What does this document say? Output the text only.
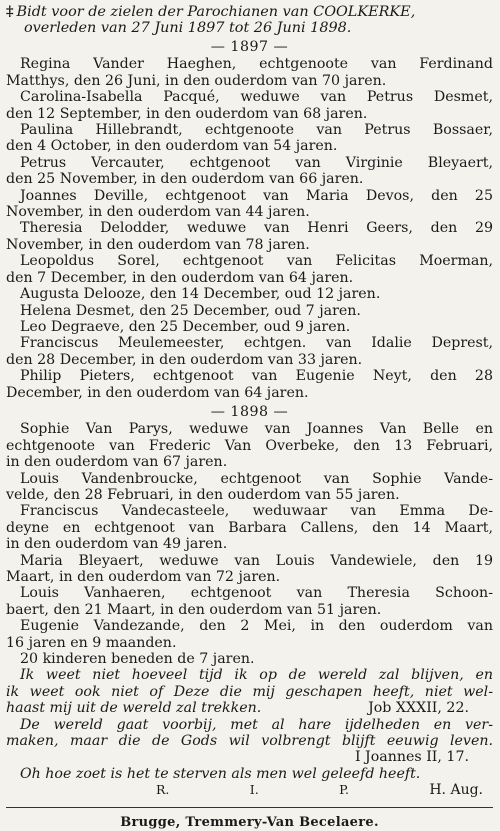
‡ Bidt voor de zielen der Parochianen van COOLKERKE,
overleden van 27 Juni 1897 tot 26 Juni 1898.
— 1897 —
Regina Vander Haeghen, echtgenoote van Ferdinand
Matthys, den 26 Juni, in den ouderdom van 70 jaren.
Carolina-Isabella Pacqué, weduwe van Petrus Desmet,
den 12 September, in den ouderdom van 68 jaren.
Paulina Hillebrandt, echtgenoote van Petrus Bossaer,
den 4 October, in den ouderdom van 54 jaren.
Petrus Vercauter, echtgenoot van Virginie Bleyaert,
den 25 November, in den ouderdom van 66 jaren.
Joannes Deville, echtgenoot van Maria Devos, den 25
November, in den ouderdom van 44 jaren.
Theresia Delodder, weduwe van Henri Geers, den 29
November, in den ouderdom van 78 jaren.
Leopoldus Sorel, echtgenoot van Felicitas Moerman,
den 7 December, in den ouderdom van 64 jaren.
Augusta Delooze, den 14 December, oud 12 jaren.
Helena Desmet, den 25 December, oud 7 jaren.
Leo Degraeve, den 25 December, oud 9 jaren.
Franciscus Meulemeester, echtgen. van Idalie Deprest,
den 28 December, in den ouderdom van 33 jaren.
Philip Pieters, echtgenoot van Eugenie Neyt, den 28
December, in den ouderdom van 64 jaren.
— 1898 —
Sophie Van Parys, weduwe van Joannes Van Belle en
echtgenoote van Frederic Van Overbeke, den 13 Februari,
in den ouderdom van 67 jaren.
Louis Vandenbroucke, echtgenoot van Sophie Vande-
velde, den 28 Februari, in den ouderdom van 55 jaren.
Franciscus Vandecasteele, weduwaar van Emma De-
deyne en echtgenoot van Barbara Callens, den 14 Maart,
in den ouderdom van 49 jaren.
Maria Bleyaert, weduwe van Louis Vandewiele, den 19
Maart, in den ouderdom van 72 jaren.
Louis Vanhaeren, echtgenoot van Theresia Schoon-
baert, den 21 Maart, in den ouderdom van 51 jaren.
Eugenie Vandezande, den 2 Mei, in den ouderdom van
16 jaren en 9 maanden.
20 kinderen beneden de 7 jaren.
Ik weet niet hoeveel tijd ik op de wereld zal blijven, en
ik weet ook niet of Deze die mij geschapen heeft, niet wel-
haast mij uit de wereld zal trekken.	Job XXXII, 22.
De wereld gaat voorbij, met al hare ijdelheden en ver-
maken, maar die de Gods wil volbrengt blijft eeuwig leven.
I Joannes II, 17.
Oh hoe zoet is het te sterven als men wel geleefd heeft.
R.	I.	P.	H. Aug.
Brugge, Tremmery-Van Becelaere.
